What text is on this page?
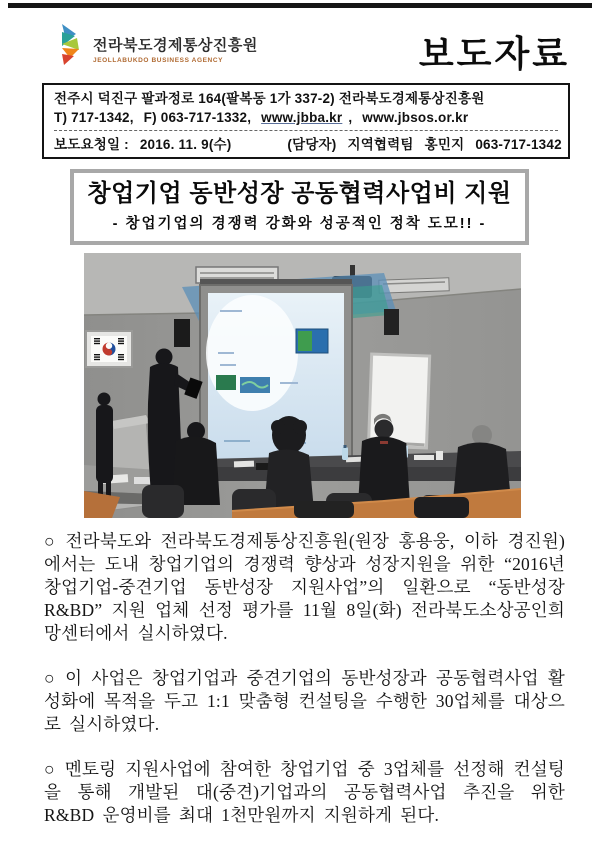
전라북도경제통상진흥원
JEOLLABUKDO BUSINESS AGENCY	보도자료
전주시 덕진구 팔과정로 164(팔복동 1가 337-2) 전라북도경제통상진흥원
T) 717-1342, F) 063-717-1332, www.jbba.kr , www.jbsos.or.kr
보도요청일 : 2016. 11. 9(수)	(담당자) 지역협력팀 홍민지 063-717-1342
창업기업 동반성장 공동협력사업비 지원
- 창업기업의 경쟁력 강화와 성공적인 정착 도모!! -

○ 전라북도와 전라북도경제통상진흥원(원장 홍용웅, 이하 경진원)에서는 도내 창업기업의 경쟁력 향상과 성장지원을 위한 “2016년 창업기업-중견기업 동반성장 지원사업”의 일환으로 “동반성장 R&BD” 지원 업체 선정 평가를 11월 8일(화) 전라북도소상공인희망센터에서 실시하였다.

○ 이 사업은 창업기업과 중견기업의 동반성장과 공동협력사업 활성화에 목적을 두고 1:1 맞춤형 컨설팅을 수행한 30업체를 대상으로 실시하였다.

○ 멘토링 지원사업에 참여한 창업기업 중 3업체를 선정해 컨설팅을 통해 개발된 대(중견)기업과의 공동협력사업 추진을 위한 R&BD 운영비를 최대 1천만원까지 지원하게 된다.
